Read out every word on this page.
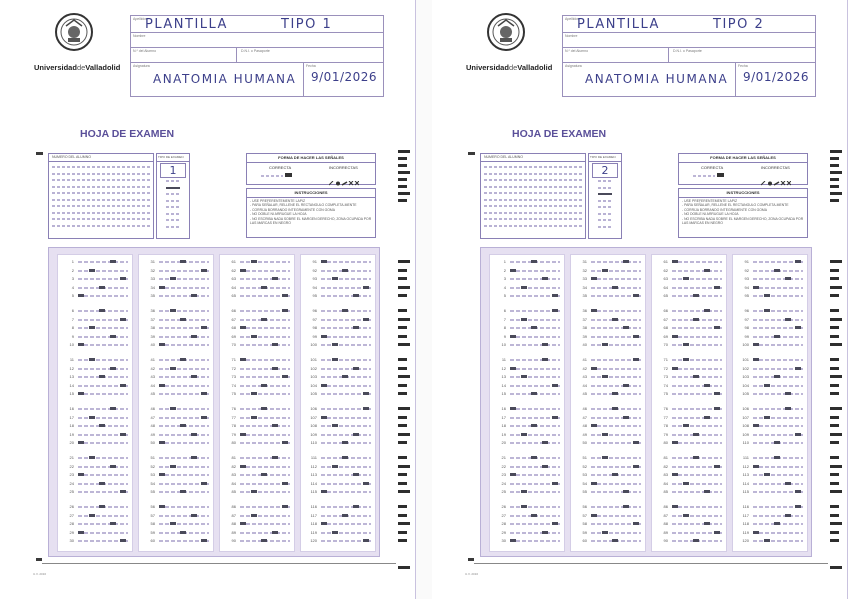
UniversidaddeValladolid
Apellidos
PLANTILLA	TIPO 1
Nombre
N.º del Alumno	D.N.I. o Pasaporte
Asignatura
ANATOMIA HUMANA
Fecha
9/01/2026
HOJA DE EXAMEN
NUMERO DEL ALUMNO	TIPO DE EXAMEN
1
FORMA DE HACER LAS SEÑALES
CORRECTA	INCORRECTAS
INSTRUCCIONES
- USE PREFERENTEMENTE LAPIZ
- PARA SEÑALAR, RELLENE EL RECTANGULO COMPLETA-MENTE
- CORRIJA BORRANDO INTEGRAMENTE CON GOMA
- NO DOBLE NI ARRUGUE LA HOJA
- NO ESCRIBA NADA SOBRE EL MARGEN DERECHO, ZONA OCUPADA POR LAS MARCAS EN NEGRO
1
2
3
4
5
6
7
8
9
10
11
12
13
14
15
16
17
18
19
20
21
22
23
24
25
26
27
28
29
30
31
32
33
34
35
36
37
38
39
40
41
42
43
44
45
46
47
48
49
50
51
52
53
54
55
56
57
58
59
60
61
62
63
64
65
66
67
68
69
70
71
72
73
74
75
76
77
78
79
80
81
82
83
84
85
86
87
88
89
90
91
92
93
94
95
96
97
98
99
100
101
102
103
104
105
106
107
108
109
110
111
112
113
114
115
116
117
118
119
120
U.V. 2016
UniversidaddeValladolid
Apellidos
PLANTILLA	TIPO 2
Nombre
N.º del Alumno	D.N.I. o Pasaporte
Asignatura
ANATOMIA HUMANA
Fecha
9/01/2026
HOJA DE EXAMEN
NUMERO DEL ALUMNO	TIPO DE EXAMEN
2
FORMA DE HACER LAS SEÑALES
CORRECTA	INCORRECTAS
INSTRUCCIONES
- USE PREFERENTEMENTE LAPIZ
- PARA SEÑALAR, RELLENE EL RECTANGULO COMPLETA-MENTE
- CORRIJA BORRANDO INTEGRAMENTE CON GOMA
- NO DOBLE NI ARRUGUE LA HOJA
- NO ESCRIBA NADA SOBRE EL MARGEN DERECHO, ZONA OCUPADA POR LAS MARCAS EN NEGRO
1
2
3
4
5
6
7
8
9
10
11
12
13
14
15
16
17
18
19
20
21
22
23
24
25
26
27
28
29
30
31
32
33
34
35
36
37
38
39
40
41
42
43
44
45
46
47
48
49
50
51
52
53
54
55
56
57
58
59
60
61
62
63
64
65
66
67
68
69
70
71
72
73
74
75
76
77
78
79
80
81
82
83
84
85
86
87
88
89
90
91
92
93
94
95
96
97
98
99
100
101
102
103
104
105
106
107
108
109
110
111
112
113
114
115
116
117
118
119
120
U.V. 2016
